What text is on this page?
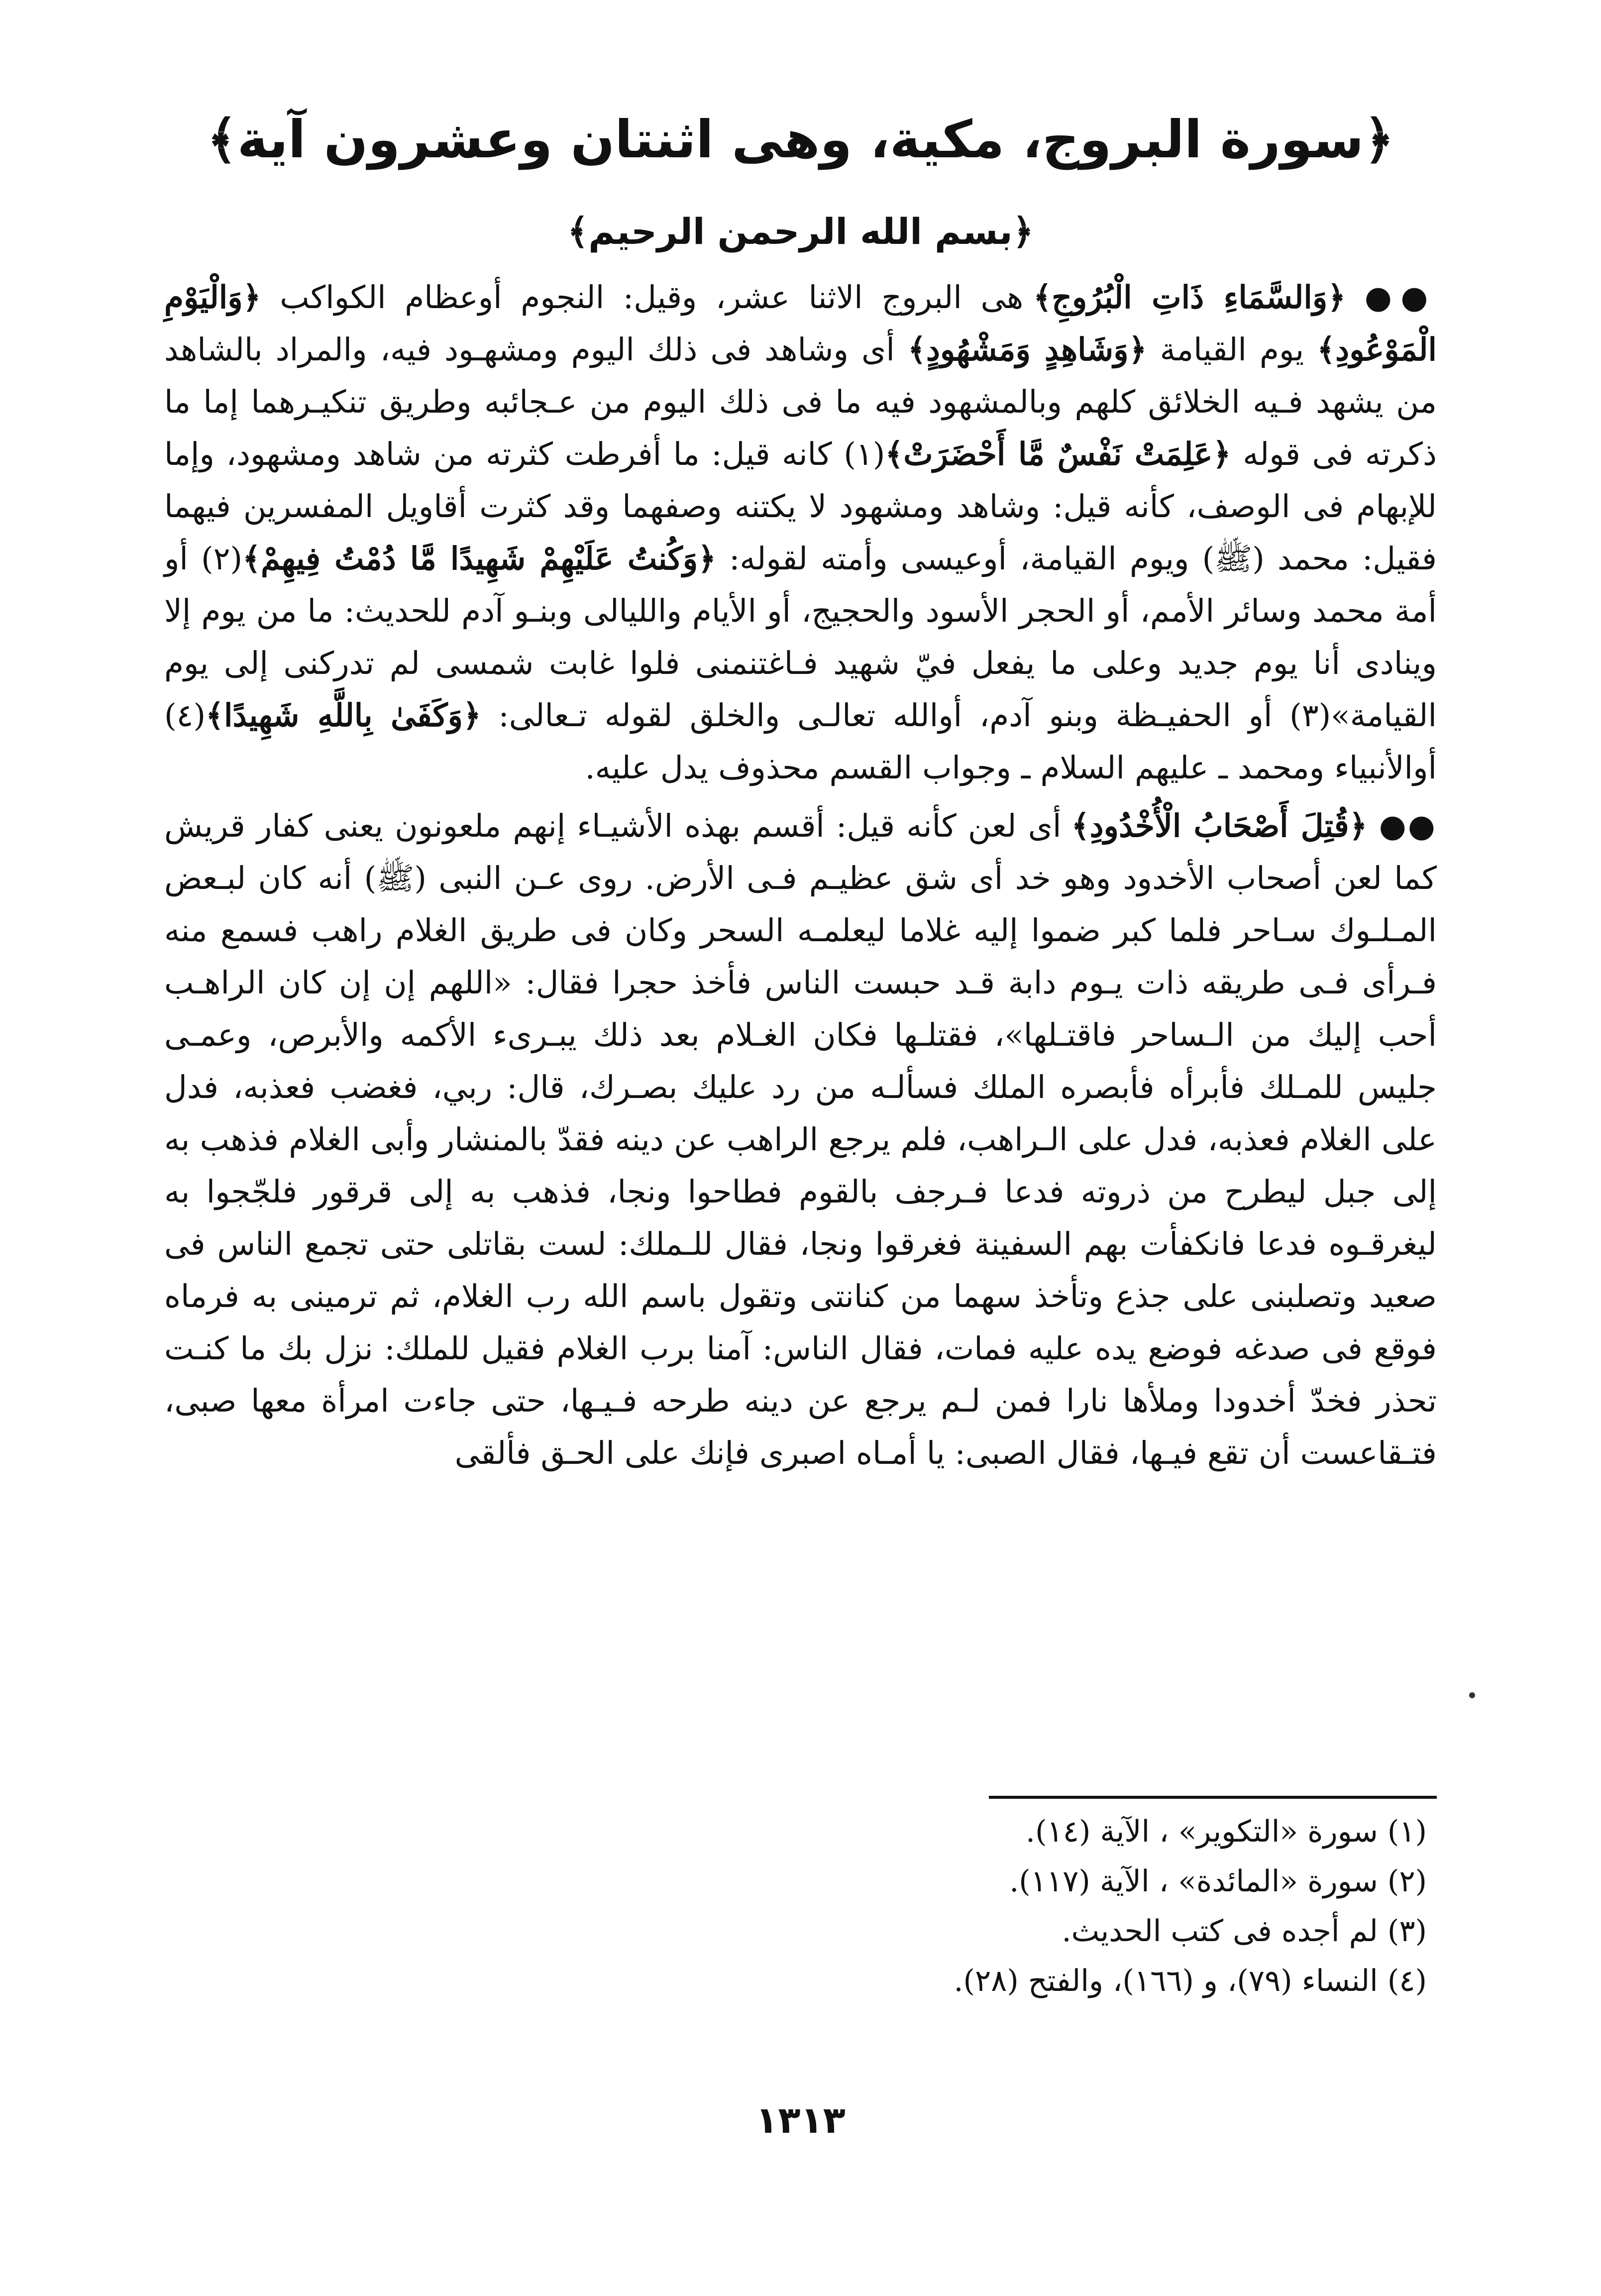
﴿سورة البروج، مكية، وهى اثنتان وعشرون آية﴾
﴿بسم الله الرحمن الرحيم﴾

●● ﴿وَالسَّمَاءِ ذَاتِ الْبُرُوجِ﴾ هى البروج الاثنا عشر، وقيل: النجوم أوعظام الكواكب ﴿وَالْيَوْمِ الْمَوْعُودِ﴾ يوم القيامة ﴿وَشَاهِدٍ وَمَشْهُودٍ﴾ أى وشاهد فى ذلك اليوم ومشهـود فيه، والمراد بالشاهد من يشهد فـيه الخلائق كلهم وبالمشهود فيه ما فى ذلك اليوم من عـجائبه وطريق تنكيـرهما إما ما ذكرته فى قوله ﴿عَلِمَتْ نَفْسٌ مَّا أَحْضَرَتْ﴾(١) كانه قيل: ما أفرطت كثرته من شاهد ومشهود، وإما للإبهام فى الوصف، كأنه قيل: وشاهد ومشهود لا يكتنه وصفهما وقد كثرت أقاويل المفسرين فيهما فقيل: محمد (ﷺ) ويوم القيامة، أوعيسى وأمته لقوله: ﴿وَكُنتُ عَلَيْهِمْ شَهِيدًا مَّا دُمْتُ فِيهِمْ﴾(٢) أو أمة محمد وسائر الأمم، أو الحجر الأسود والحجيج، أو الأيام والليالى وبنـو آدم للحديث: ما من يوم إلا وينادى أنا يوم جديد وعلى ما يفعل فيّ شهيد فـاغتنمنى فلوا غابت شمسى لم تدركنى إلى يوم القيامة»(٣) أو الحفيـظة وبنو آدم، أوالله تعالـى والخلق لقوله تـعالى: ﴿وَكَفَىٰ بِاللَّهِ شَهِيدًا﴾(٤) أوالأنبياء ومحمد ـ عليهم السلام ـ وجواب القسم محذوف يدل عليه.

●● ﴿قُتِلَ أَصْحَابُ الْأُخْدُودِ﴾ أى لعن كأنه قيل: أقسم بهذه الأشيـاء إنهم ملعونون يعنى كفار قريش كما لعن أصحاب الأخدود وهو خد أى شق عظيـم فـى الأرض. روى عـن النبى (ﷺ) أنه كان لبـعض المـلـوك سـاحر فلما كبر ضموا إليه غلاما ليعلمـه السحر وكان فى طريق الغلام راهب فسمع منه فـرأى فـى طريقه ذات يـوم دابة قـد حبست الناس فأخذ حجرا فقال: «اللهم إن إن كان الراهـب أحب إليك من الـساحر فاقتـلها»، فقتلـها فكان الغـلام بعد ذلك يبـرىء الأكمه والأبرص، وعمـى جليس للمـلك فأبرأه فأبصره الملك فسألـه من رد عليك بصـرك، قال: ربي، فغضب فعذبه، فدل على الغلام فعذبه، فدل على الـراهب، فلم يرجع الراهب عن دينه فقدّ بالمنشار وأبى الغلام فذهب به إلى جبل ليطرح من ذروته فدعا فـرجف بالقوم فطاحوا ونجا، فذهب به إلى قرقور فلجّجوا به ليغرقـوه فدعا فانكفأت بهم السفينة فغرقوا ونجا، فقال للـملك: لست بقاتلى حتى تجمع الناس فى صعيد وتصلبنى على جذع وتأخذ سهما من كنانتى وتقول باسم الله رب الغلام، ثم ترمينى به فرماه فوقع فى صدغه فوضع يده عليه فمات، فقال الناس: آمنا برب الغلام فقيل للملك: نزل بك ما كنـت تحذر فخدّ أخدودا وملأها نارا فمن لـم يرجع عن دينه طرحه فـيـها، حتى جاءت امرأة معها صبى، فتـقاعست أن تقع فيـها، فقال الصبى: يا أمـاه اصبرى فإنك على الحـق فألقى

(١) سورة «التكوير» ، الآية (١٤).

(٢) سورة «المائدة» ، الآية (١١٧).

(٣) لم أجده فى كتب الحديث.

(٤) النساء (٧٩)، و (١٦٦)، والفتح (٢٨).

١٣١٣
